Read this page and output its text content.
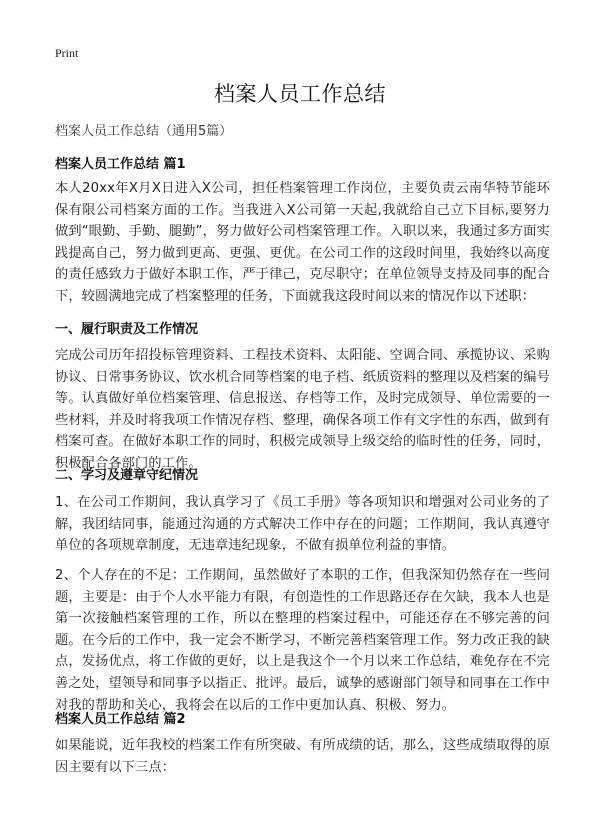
Print
档案人员工作总结
档案人员工作总结（通用5篇）
档案人员工作总结 篇1
本人20xx年X月X日进入X公司，担任档案管理工作岗位，主要负责云南华特节能环保有限公司档案方面的工作。当我进入X公司第一天起,我就给自己立下目标,要努力做到“眼勤、手勤、腿勤”，努力做好公司档案管理工作。入职以来，我通过多方面实践提高自己，努力做到更高、更强、更优。在公司工作的这段时间里，我始终以高度的责任感致力于做好本职工作，严于律己，克尽职守；在单位领导支持及同事的配合下，较圆满地完成了档案整理的任务，下面就我这段时间以来的情况作以下述职：
一、履行职责及工作情况
完成公司历年招投标管理资料、工程技术资料、太阳能、空调合同、承揽协议、采购协议、日常事务协议、饮水机合同等档案的电子档、纸质资料的整理以及档案的编号等。认真做好单位档案管理、信息报送、存档等工作，及时完成领导、单位需要的一些材料，并及时将我项工作情况存档、整理，确保各项工作有文字性的东西，做到有档案可查。在做好本职工作的同时，积极完成领导上级交给的临时性的任务，同时，积极配合各部门的工作。
二、学习及遵章守纪情况
1、在公司工作期间，我认真学习了《员工手册》等各项知识和增强对公司业务的了解，我团结同事，能通过沟通的方式解决工作中存在的问题；工作期间，我认真遵守单位的各项规章制度，无违章违纪现象，不做有损单位利益的事情。
2、个人存在的不足：工作期间，虽然做好了本职的工作，但我深知仍然存在一些问题，主要是：由于个人水平能力有限，有创造性的工作思路还存在欠缺，我本人也是第一次接触档案管理的工作，所以在整理的档案过程中，可能还存在不够完善的问题。在今后的工作中，我一定会不断学习，不断完善档案管理工作。努力改正我的缺点，发扬优点，将工作做的更好，以上是我这个一个月以来工作总结，难免存在不完善之处，望领导和同事予以指正、批评。最后，诚挚的感谢部门领导和同事在工作中对我的帮助和关心，我将会在以后的工作中更加认真、积极、努力。
档案人员工作总结 篇2
如果能说，近年我校的档案工作有所突破、有所成绩的话，那么，这些成绩取得的原因主要有以下三点：
